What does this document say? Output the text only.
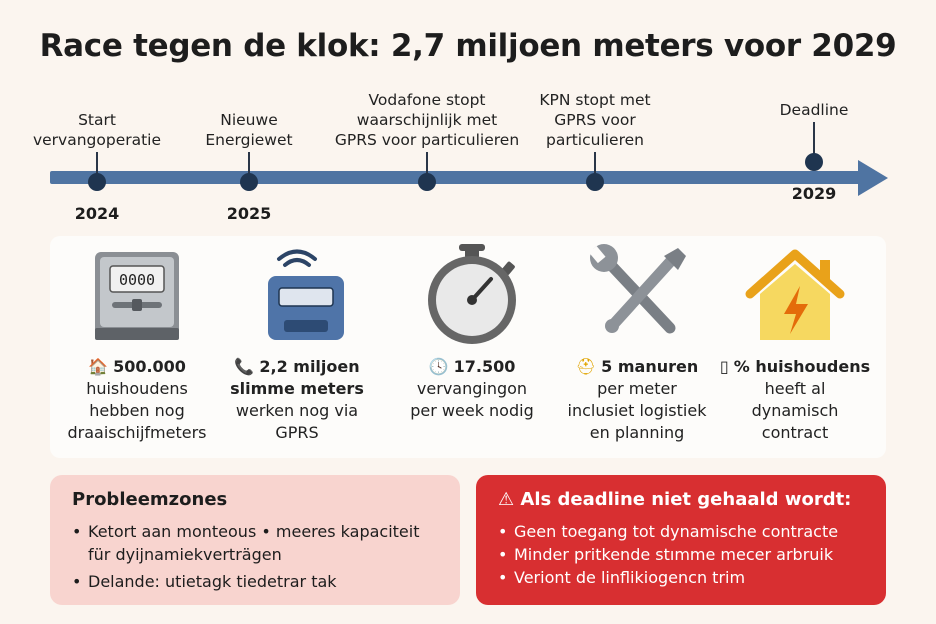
Race tegen de klok: 2,7 miljoen meters voor 2029
Start
vervangoperatie
2024
Nieuwe
Energiewet
2025
Vodafone stopt
waarschijnlijk met
GPRS voor particulieren
KPN stopt met
GPRS voor
particulieren
Deadline
2029
0000
🏠 500.000
huishoudens
hebben nog
draaischijfmeters
📞 2,2 miljoen
slimme meters
werken nog via
GPRS
🕓 17.500
vervangingon
per week nodig
⛑ 5 manuren
per meter
inclusiet logistiek
en planning
▯ % huishoudens
heeft al
dynamisch
contract
Probleemzones
• Ketort aan monteous • meeres kapaciteit
für dyijnamiekverträgen
• Delande: utietagk tiedetrar tak
⚠ Als deadline niet gehaald wordt:
• Geen toegang tot dynamische contracte
• Minder pritkende stımme mecer arbruik
• Veriont de linflikiogencn trim
